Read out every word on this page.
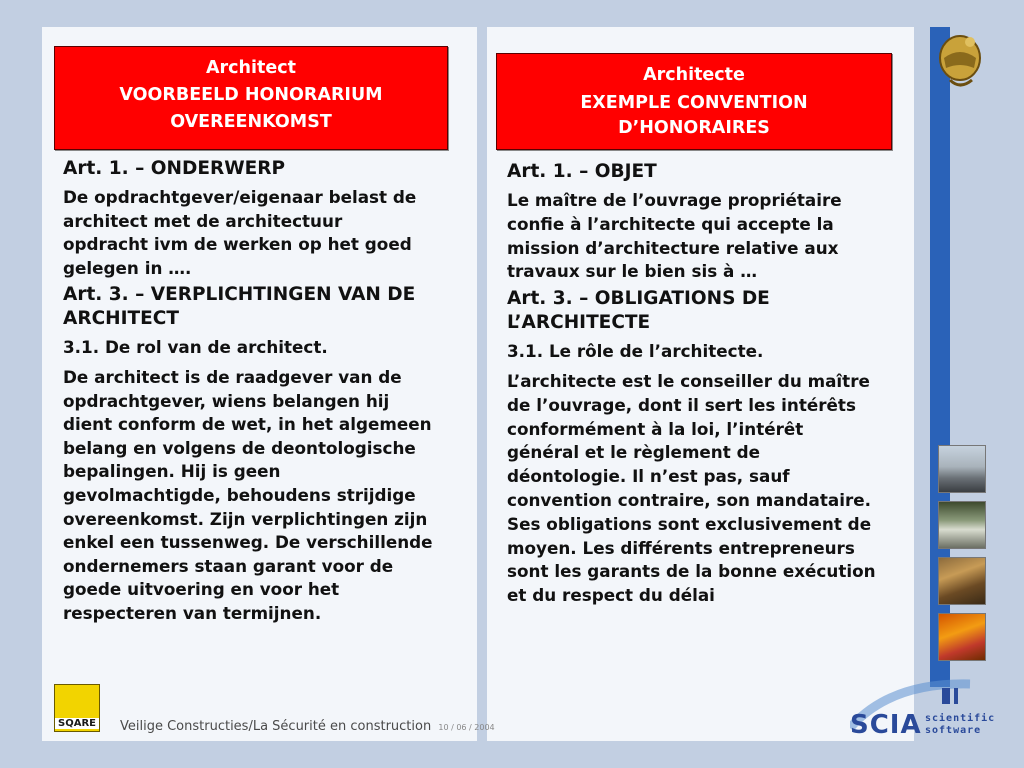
Architect
VOORBEELD HONORARIUM
OVEREENKOMST
Architecte
EXEMPLE CONVENTION
D’HONORAIRES
Art. 1. – ONDERWERP
De opdrachtgever/eigenaar belast de architect met de architectuur opdracht ivm de werken op het goed gelegen in ….
Art. 3. – VERPLICHTINGEN VAN DE ARCHITECT
3.1. De rol van de architect.
De architect is de raadgever van de opdrachtgever, wiens belangen hij dient conform de wet, in het algemeen belang en volgens de deontologische bepalingen. Hij is geen gevolmachtigde, behoudens strijdige overeenkomst. Zijn verplichtingen zijn enkel een tussenweg. De verschillende ondernemers staan garant voor de goede uitvoering en voor het respecteren van termijnen.
Art. 1. – OBJET
Le maître de l’ouvrage propriétaire confie à l’architecte qui accepte la mission d’architecture relative aux travaux sur le bien sis à …
Art. 3. – OBLIGATIONS DE L’ARCHITECTE
3.1. Le rôle de l’architecte.
L’architecte est le conseiller du maître de l’ouvrage, dont il sert les intérêts conformément à la loi, l’intérêt général et le règlement de déontologie. Il n’est pas, sauf convention contraire, son mandataire. Ses obligations sont exclusivement de moyen. Les différents entrepreneurs sont les garants de la bonne exécution et du respect du délai
SQARE Veilige Constructies/La Sécurité en construction 10 / 06 / 2004	SCIA scientific
software
